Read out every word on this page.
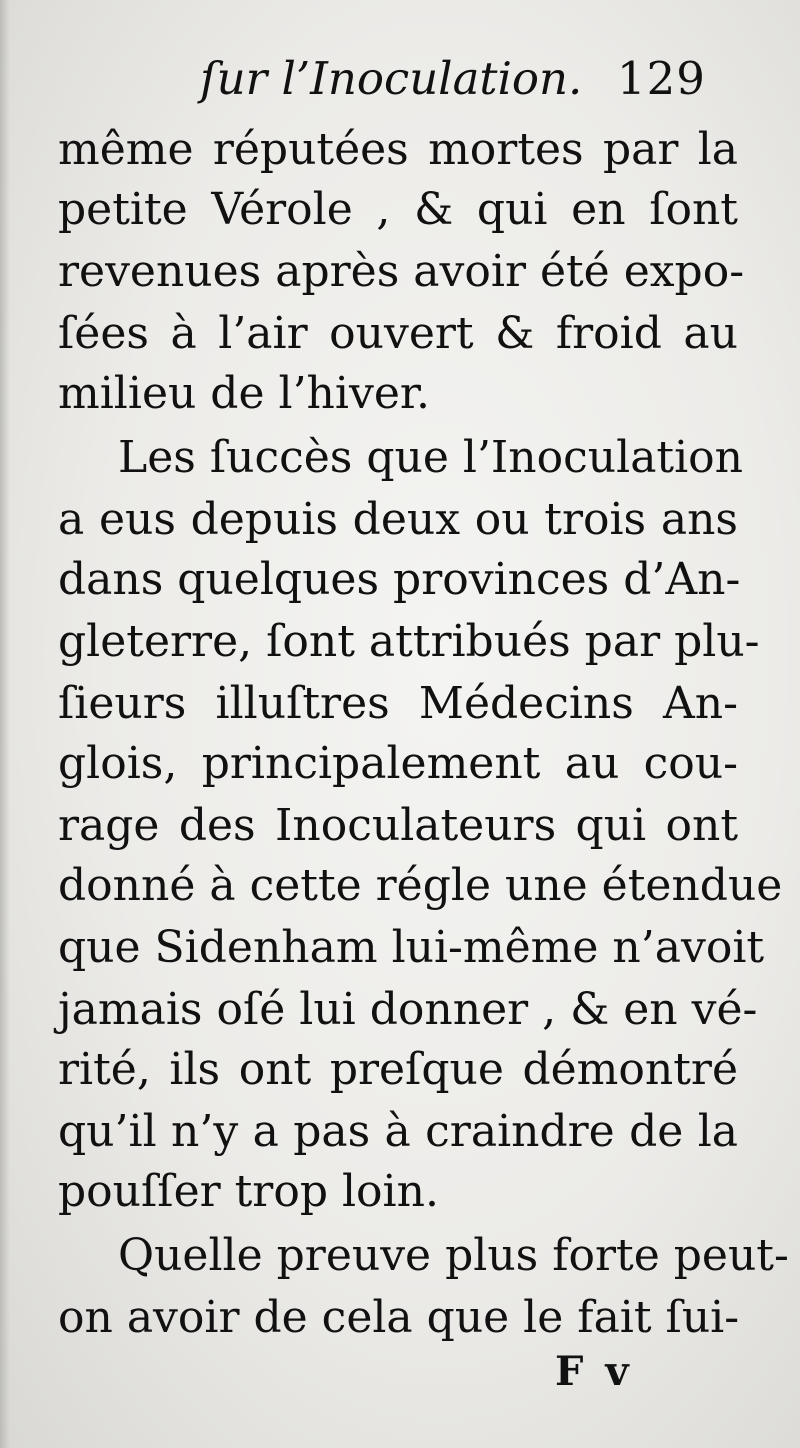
ſur l’Inoculation. 129
même réputées mortes par la
petite Vérole , & qui en ſont
revenues après avoir été expo-
ſées à l’air ouvert & froid au
milieu de l’hiver.
Les ſuccès que l’Inoculation
a eus depuis deux ou trois ans
dans quelques provinces d’An-
gleterre, ſont attribués par plu-
ſieurs illuſtres Médecins An-
glois, principalement au cou-
rage des Inoculateurs qui ont
donné à cette régle une étendue
que Sidenham lui-même n’avoit
jamais oſé lui donner , & en vé-
rité, ils ont preſque démontré
qu’il n’y a pas à craindre de la
pouſſer trop loin.
Quelle preuve plus forte peut-
on avoir de cela que le fait ſui-
F v
